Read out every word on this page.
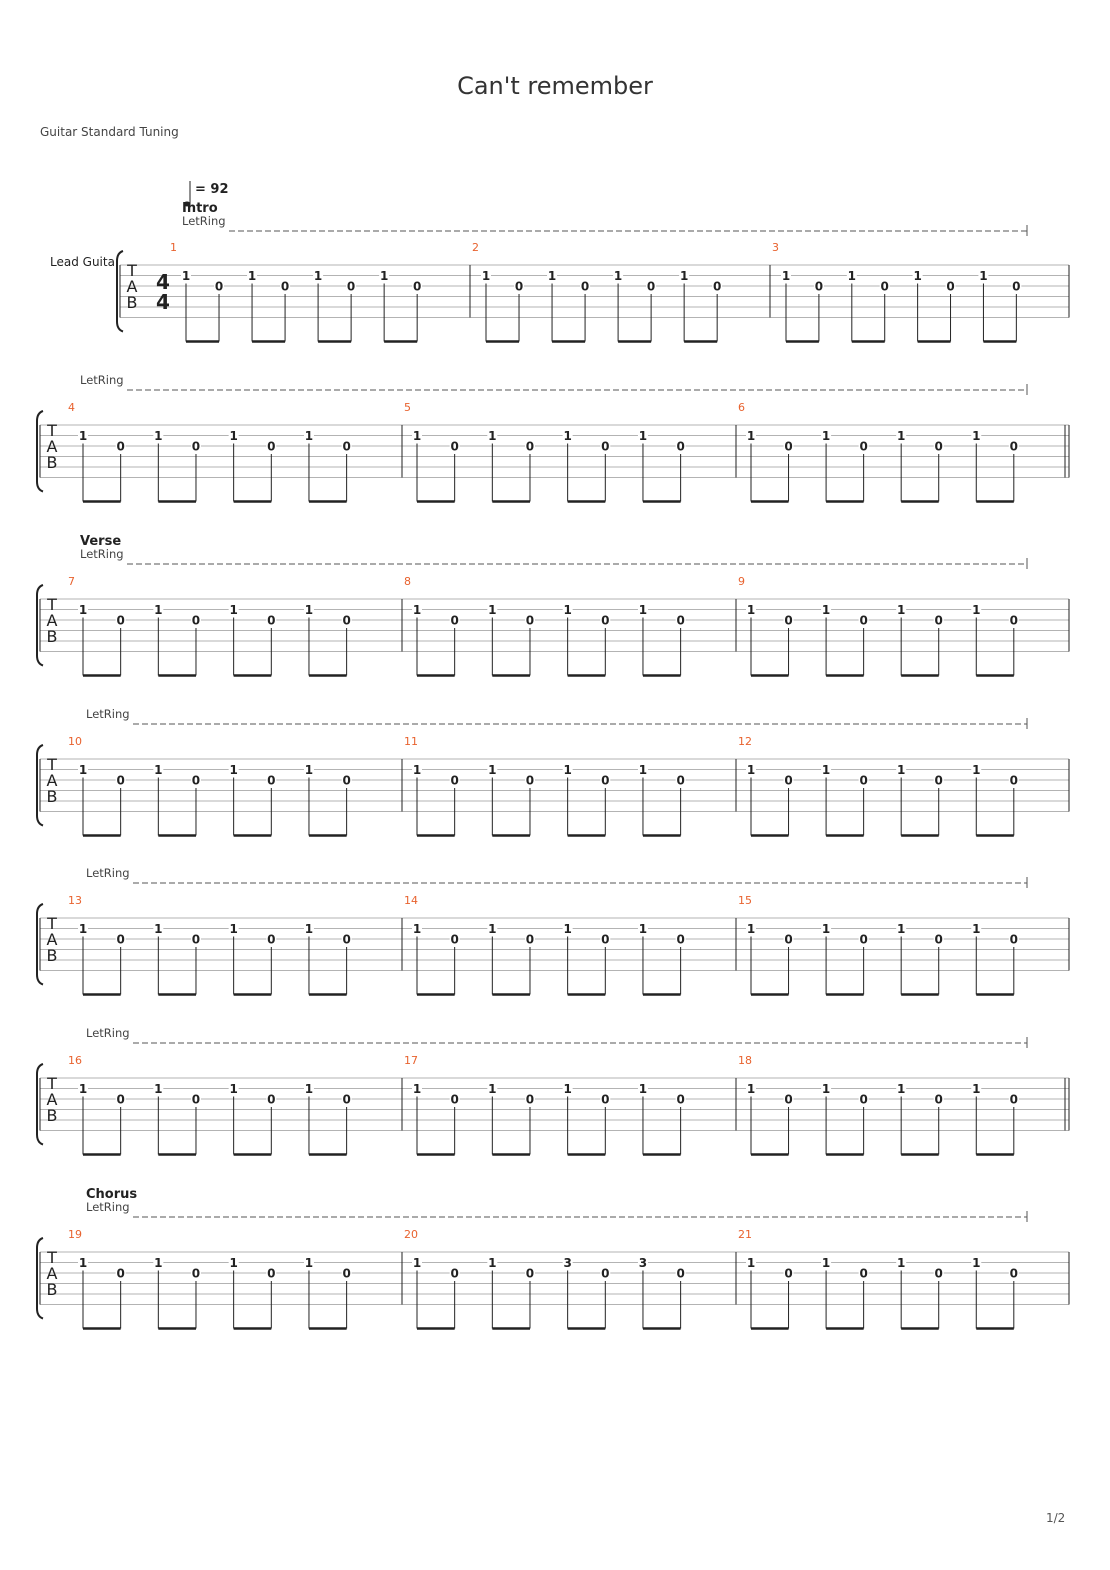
Can't remember
Guitar Standard Tuning
Lead Guita
1/2
T
A
B
4
4
= 92
Intro
LetRing
1
1
0
1
0
1
0
1
0
2
1
0
1
0
1
0
1
0
3
1
0
1
0
1
0
1
0
T
A
B
LetRing
4
1
0
1
0
1
0
1
0
5
1
0
1
0
1
0
1
0
6
1
0
1
0
1
0
1
0
T
A
B
Verse
LetRing
7
1
0
1
0
1
0
1
0
8
1
0
1
0
1
0
1
0
9
1
0
1
0
1
0
1
0
T
A
B
LetRing
10
1
0
1
0
1
0
1
0
11
1
0
1
0
1
0
1
0
12
1
0
1
0
1
0
1
0
T
A
B
LetRing
13
1
0
1
0
1
0
1
0
14
1
0
1
0
1
0
1
0
15
1
0
1
0
1
0
1
0
T
A
B
LetRing
16
1
0
1
0
1
0
1
0
17
1
0
1
0
1
0
1
0
18
1
0
1
0
1
0
1
0
T
A
B
Chorus
LetRing
19
1
0
1
0
1
0
1
0
20
1
0
1
0
3
0
3
0
21
1
0
1
0
1
0
1
0
